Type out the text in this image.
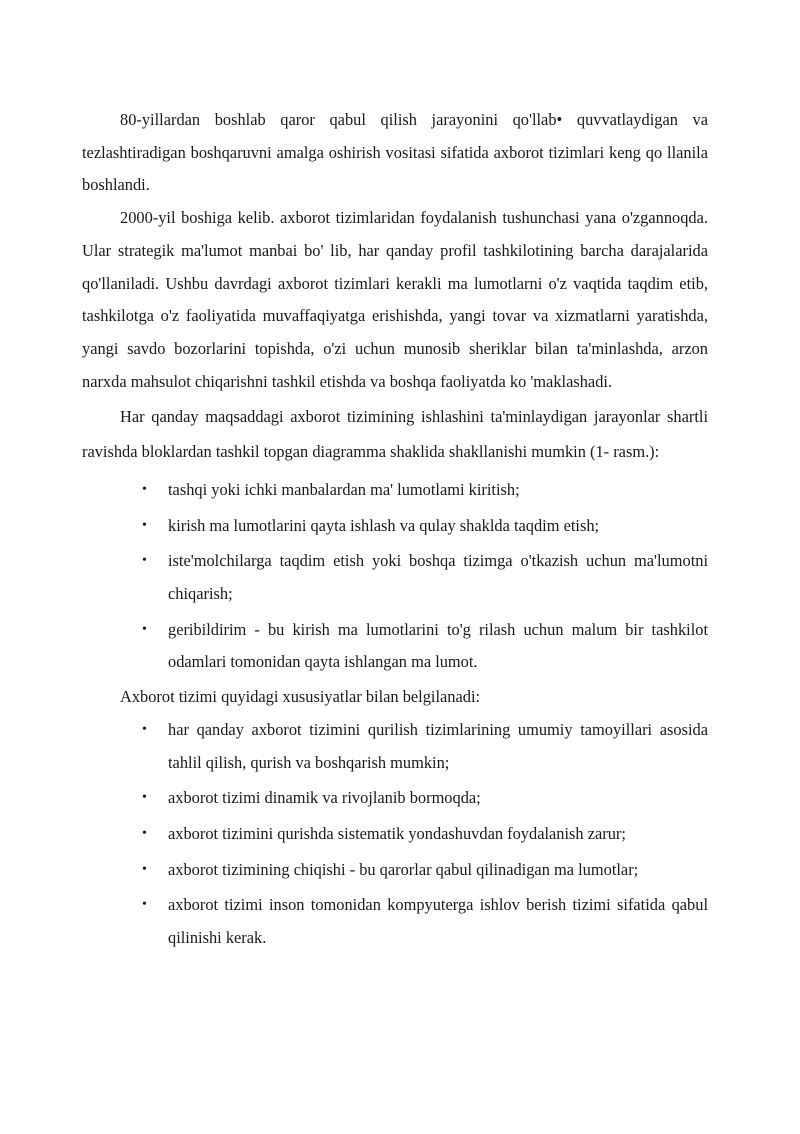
80-yillardan boshlab qaror qabul qilish jarayonini qo'llab• quvvatlaydigan va tezlashtiradigan boshqaruvni amalga oshirish vositasi sifatida axborot tizimlari keng qo llanila boshlandi.

2000-yil boshiga kelib. axborot tizimlaridan foydalanish tushunchasi yana o'zgannoqda. Ular strategik ma'lumot manbai bo' lib, har qanday profil tashkilotining barcha darajalarida qo'llaniladi. Ushbu davrdagi axborot tizimlari kerakli ma lumotlarni o'z vaqtida taqdim etib, tashkilotga o'z faoliyatida muvaffaqiyatga erishishda, yangi tovar va xizmatlarni yaratishda, yangi savdo bozorlarini topishda, o'zi uchun munosib sheriklar bilan ta'minlashda, arzon narxda mahsulot chiqarishni tashkil etishda va boshqa faoliyatda ko 'maklashadi.

Har qanday maqsaddagi axborot tizimining ishlashini ta'minlaydigan jarayonlar shartli ravishda bloklardan tashkil topgan diagramma shaklida shakllanishi mumkin (1- rasm.):

• tashqi yoki ichki manbalardan ma' lumotlami kiritish;
• kirish ma lumotlarini qayta ishlash va qulay shaklda taqdim etish;
• iste'molchilarga taqdim etish yoki boshqa tizimga o'tkazish uchun ma'lumotni chiqarish;
• geribildirim - bu kirish ma lumotlarini to'g rilash uchun malum bir tashkilot odamlari tomonidan qayta ishlangan ma lumot.

Axborot tizimi quyidagi xususiyatlar bilan belgilanadi:

• har qanday axborot tizimini qurilish tizimlarining umumiy tamoyillari asosida tahlil qilish, qurish va boshqarish mumkin;
• axborot tizimi dinamik va rivojlanib bormoqda;
• axborot tizimini qurishda sistematik yondashuvdan foydalanish zarur;
• axborot tizimining chiqishi - bu qarorlar qabul qilinadigan ma lumotlar;
• axborot tizimi inson tomonidan kompyuterga ishlov berish tizimi sifatida qabul qilinishi kerak.
